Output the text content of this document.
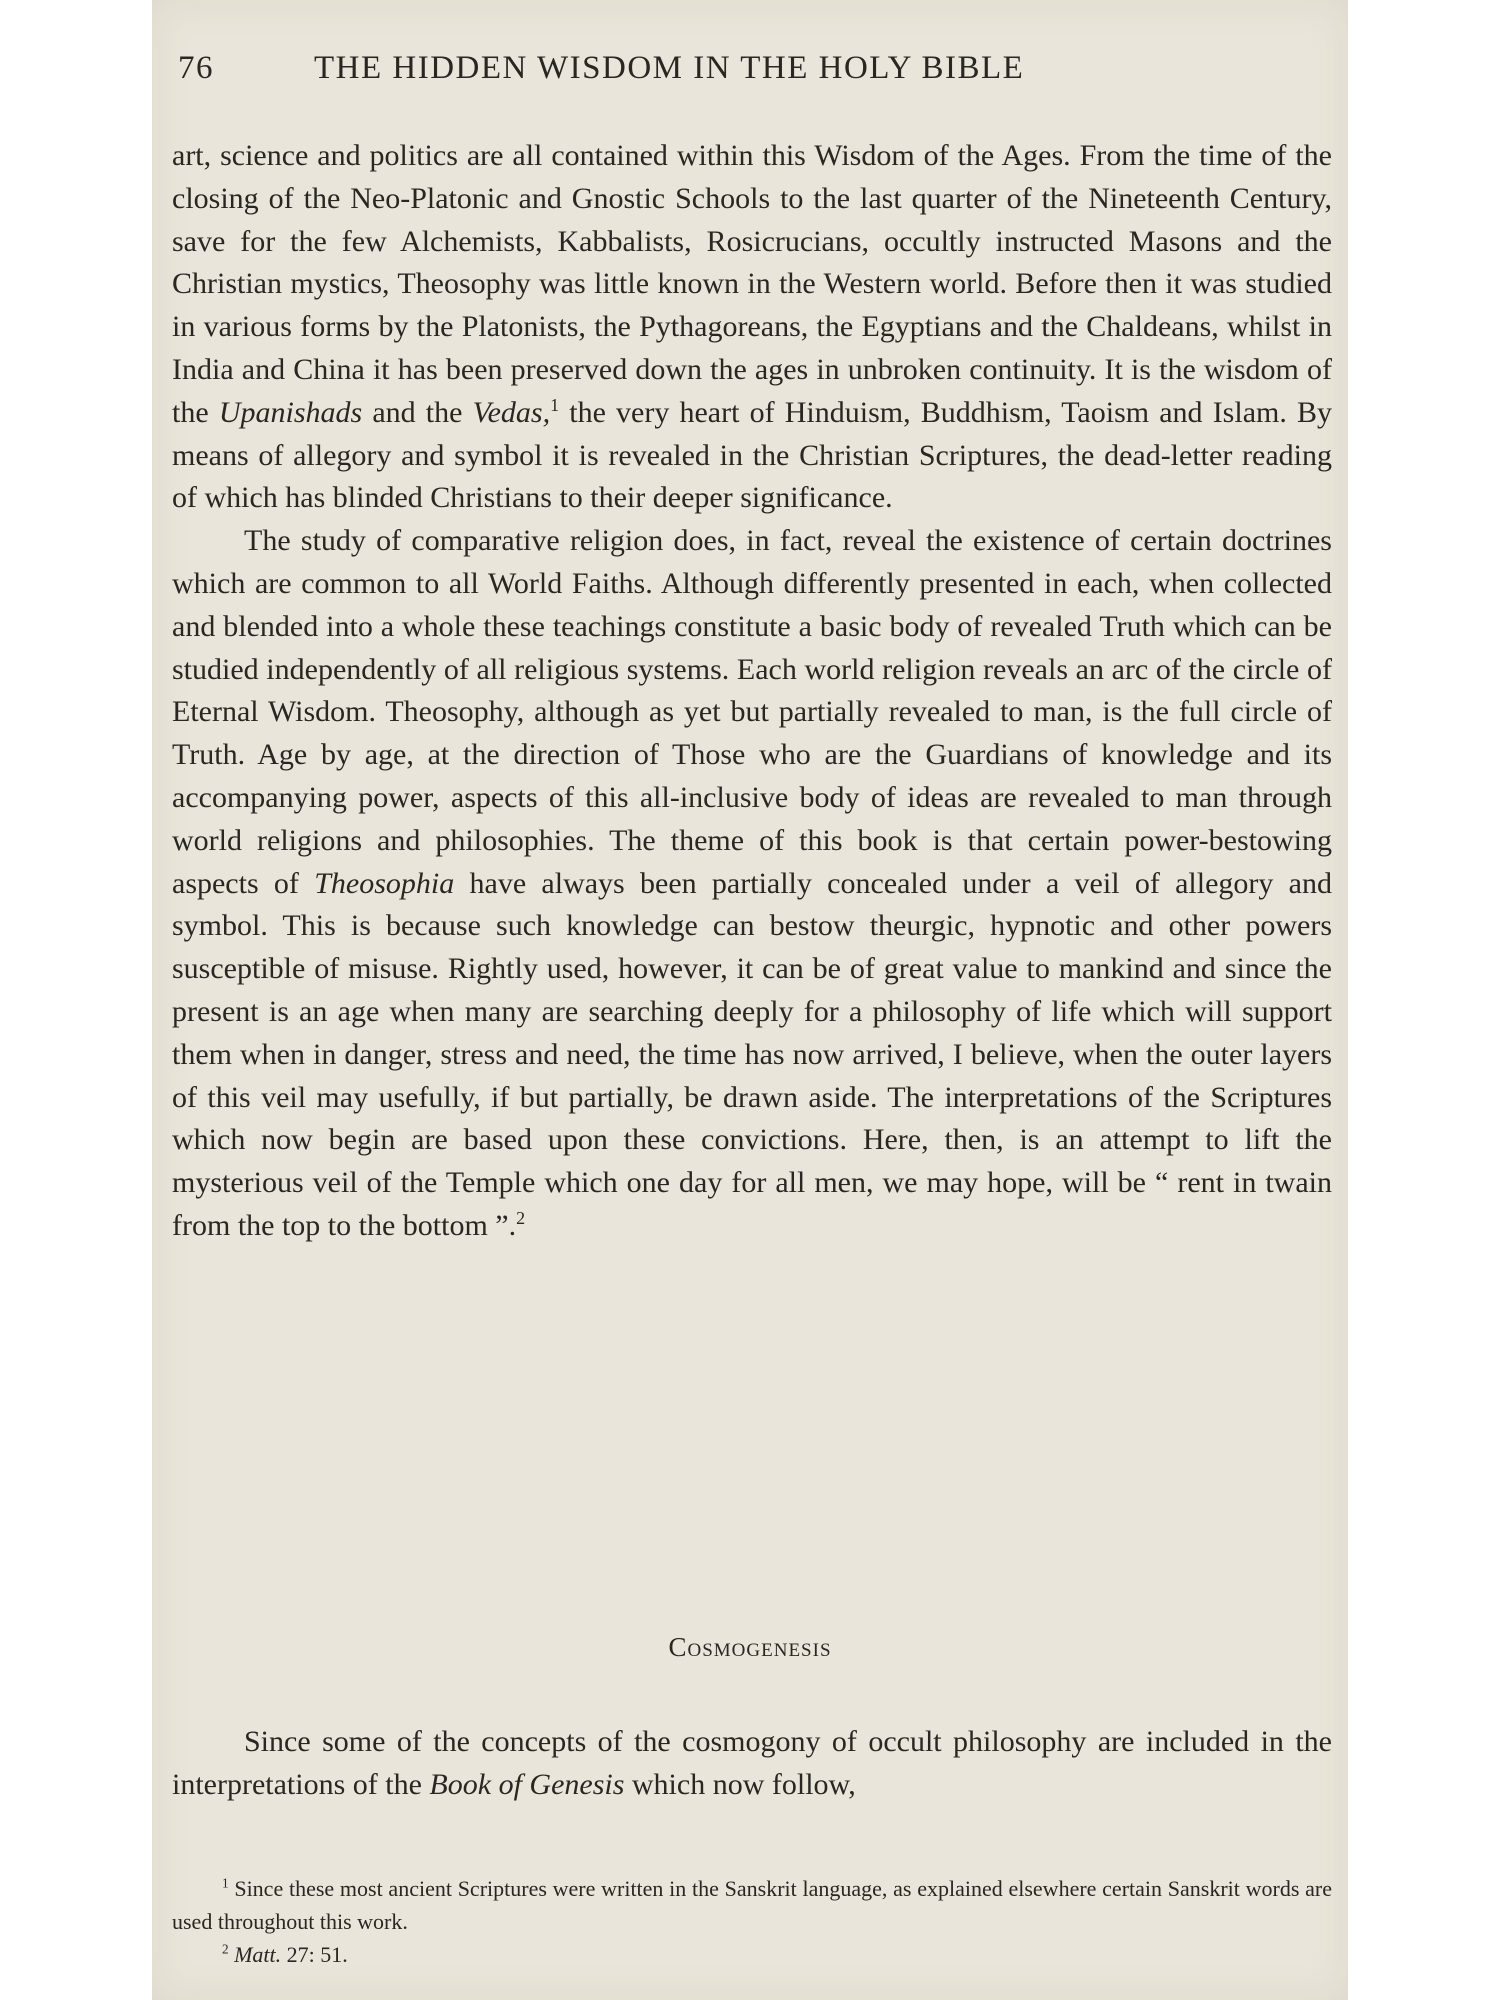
76	THE HIDDEN WISDOM IN THE HOLY BIBLE

art, science and politics are all contained within this Wisdom of the Ages. From the time of the closing of the Neo-Platonic and Gnostic Schools to the last quarter of the Nineteenth Century, save for the few Alchemists, Kabbalists, Rosicrucians, occultly instructed Masons and the Christian mystics, Theosophy was little known in the Western world. Before then it was studied in various forms by the Platonists, the Pythagoreans, the Egyptians and the Chaldeans, whilst in India and China it has been preserved down the ages in unbroken continuity. It is the wisdom of the Upanishads and the Vedas,$^1$ the very heart of Hinduism, Buddhism, Taoism and Islam. By means of allegory and symbol it is revealed in the Christian Scriptures, the dead-letter reading of which has blinded Christians to their deeper significance.

The study of comparative religion does, in fact, reveal the existence of certain doctrines which are common to all World Faiths. Although differently presented in each, when collected and blended into a whole these teachings constitute a basic body of revealed Truth which can be studied independently of all religious systems. Each world religion reveals an arc of the circle of Eternal Wisdom. Theosophy, although as yet but partially revealed to man, is the full circle of Truth. Age by age, at the direction of Those who are the Guardians of knowledge and its accompanying power, aspects of this all-inclusive body of ideas are revealed to man through world religions and philosophies. The theme of this book is that certain power-bestowing aspects of Theosophia have always been partially concealed under a veil of allegory and symbol. This is because such knowledge can bestow theurgic, hypnotic and other powers susceptible of misuse. Rightly used, however, it can be of great value to mankind and since the present is an age when many are searching deeply for a philosophy of life which will support them when in danger, stress and need, the time has now arrived, I believe, when the outer layers of this veil may usefully, if but partially, be drawn aside. The interpretations of the Scriptures which now begin are based upon these convictions. Here, then, is an attempt to lift the mysterious veil of the Temple which one day for all men, we may hope, will be “ rent in twain from the top to the bottom ”.$^2$

Cosmogenesis

Since some of the concepts of the cosmogony of occult philosophy are included in the interpretations of the Book of Genesis which now follow,

$^1$ Since these most ancient Scriptures were written in the Sanskrit language, as explained elsewhere certain Sanskrit words are used throughout this work.

$^2$ Matt. 27: 51.
